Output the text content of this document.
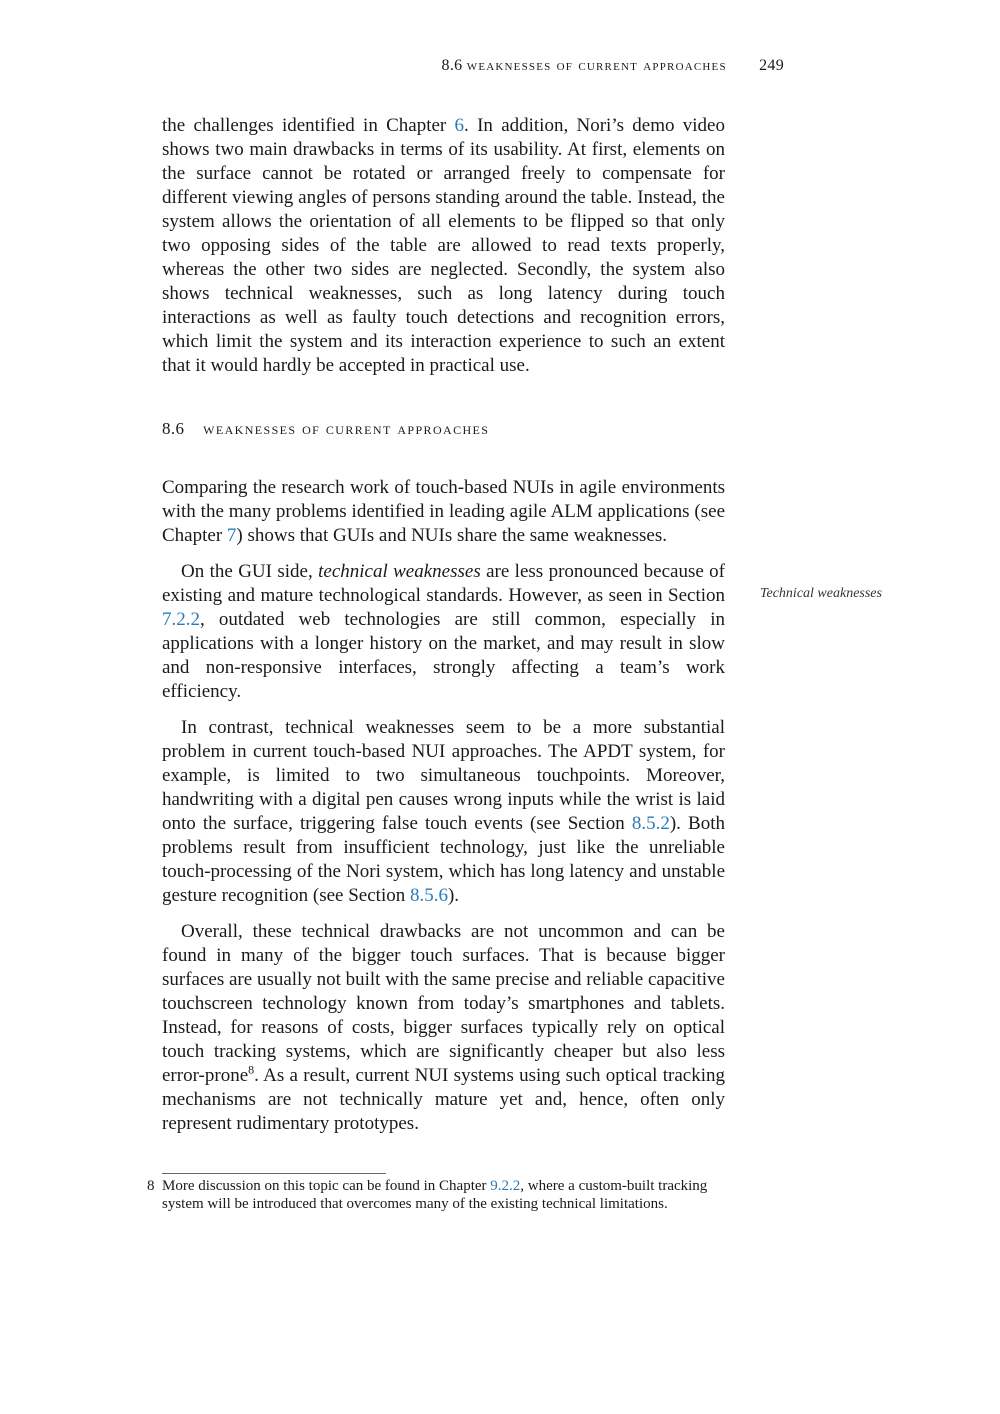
8.6 weaknesses of current approaches 249

the challenges identified in Chapter 6. In addition, Nori’s demo video shows two main drawbacks in terms of its usability. At first, elements on the surface cannot be rotated or arranged freely to compensate for different viewing angles of persons standing around the table. Instead, the system allows the orientation of all elements to be flipped so that only two opposing sides of the table are allowed to read texts properly, whereas the other two sides are neglected. Secondly, the system also shows technical weaknesses, such as long latency during touch interactions as well as faulty touch detections and recognition errors, which limit the system and its interaction experience to such an extent that it would hardly be accepted in practical use.

8.6 weaknesses of current approaches

Comparing the research work of touch-based NUIs in agile environments with the many problems identified in leading agile ALM applications (see Chapter 7) shows that GUIs and NUIs share the same weaknesses.

On the GUI side, technical weaknesses are less pronounced because of existing and mature technological standards. However, as seen in Section 7.2.2, outdated web technologies are still common, especially in applications with a longer history on the market, and may result in slow and non-responsive interfaces, strongly affecting a team’s work efficiency.

In contrast, technical weaknesses seem to be a more substantial problem in current touch-based NUI approaches. The APDT system, for example, is limited to two simultaneous touchpoints. Moreover, handwriting with a digital pen causes wrong inputs while the wrist is laid onto the surface, triggering false touch events (see Section 8.5.2). Both problems result from insufficient technology, just like the unreliable touch-processing of the Nori system, which has long latency and unstable gesture recognition (see Section 8.5.6).

Overall, these technical drawbacks are not uncommon and can be found in many of the bigger touch surfaces. That is because bigger surfaces are usually not built with the same precise and reliable capacitive touchscreen technology known from today’s smartphones and tablets. Instead, for reasons of costs, bigger surfaces typically rely on optical touch tracking systems, which are significantly cheaper but also less error-prone$^8$. As a result, current NUI systems using such optical tracking mechanisms are not technically mature yet and, hence, often only represent rudimentary prototypes.

Technical weaknesses
8 More discussion on this topic can be found in Chapter 9.2.2, where a custom-built tracking system will be introduced that overcomes many of the existing technical limitations.
